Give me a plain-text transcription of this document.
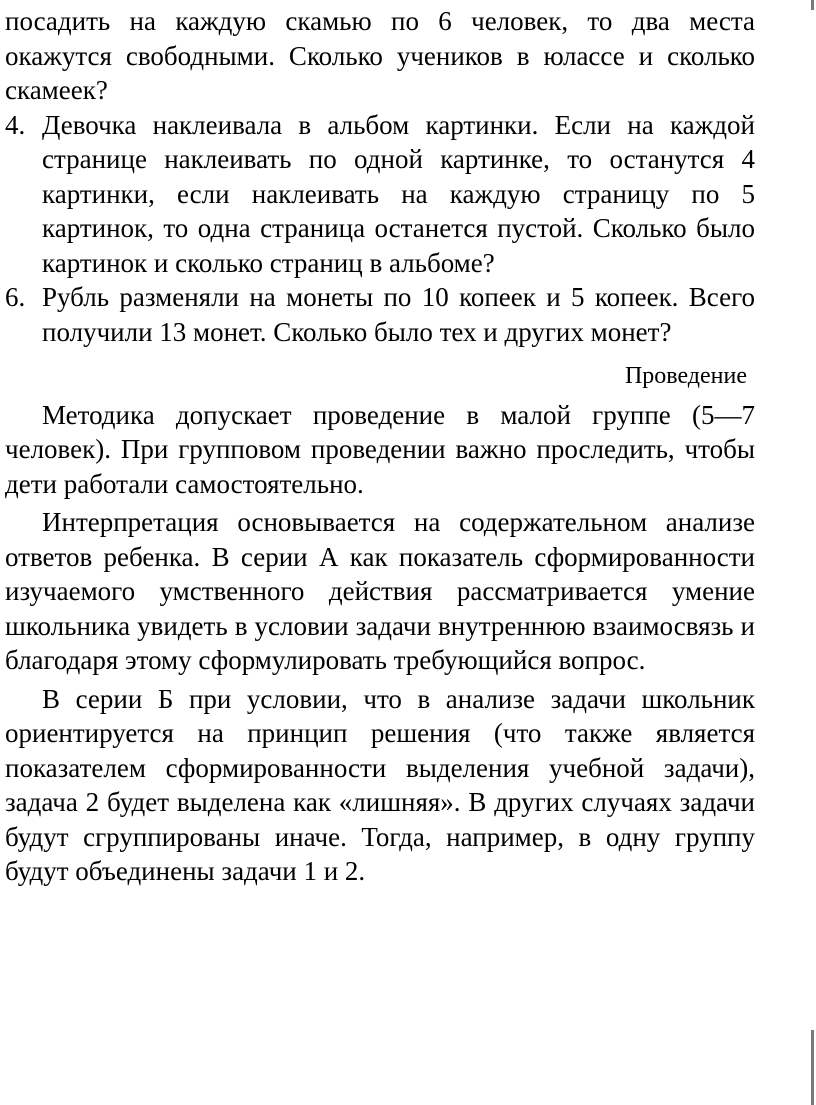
посадить на каждую скамью по 6 человек, то два места окажутся свободными. Сколько учеников в юлассе и сколько скамеек?

4. Девочка наклеивала в альбом картинки. Если на каждой странице наклеивать по одной картинке, то останутся 4 картинки, если наклеивать на каждую страницу по 5 картинок, то одна страница останется пустой. Сколько было картинок и сколько страниц в альбоме?

6. Рубль разменяли на монеты по 10 копеек и 5 копеек. Всего получили 13 монет. Сколько было тех и других монет?

Проведение

Методика допускает проведение в малой группе (5—7 человек). При групповом проведении важно проследить, чтобы дети работали самостоятельно.

Интерпретация основывается на содержательном анализе ответов ребенка. В серии А как показатель сформированности изучаемого умственного действия рассматривается умение школьника увидеть в условии задачи внутреннюю взаимосвязь и благодаря этому сформулировать требующийся вопрос.

В серии Б при условии, что в анализе задачи школьник ориентируется на принцип решения (что также является показателем сформированности выделения учебной задачи), задача 2 будет выделена как «лишняя». В других случаях задачи будут сгруппированы иначе. Тогда, например, в одну группу будут объединены задачи 1 и 2.
